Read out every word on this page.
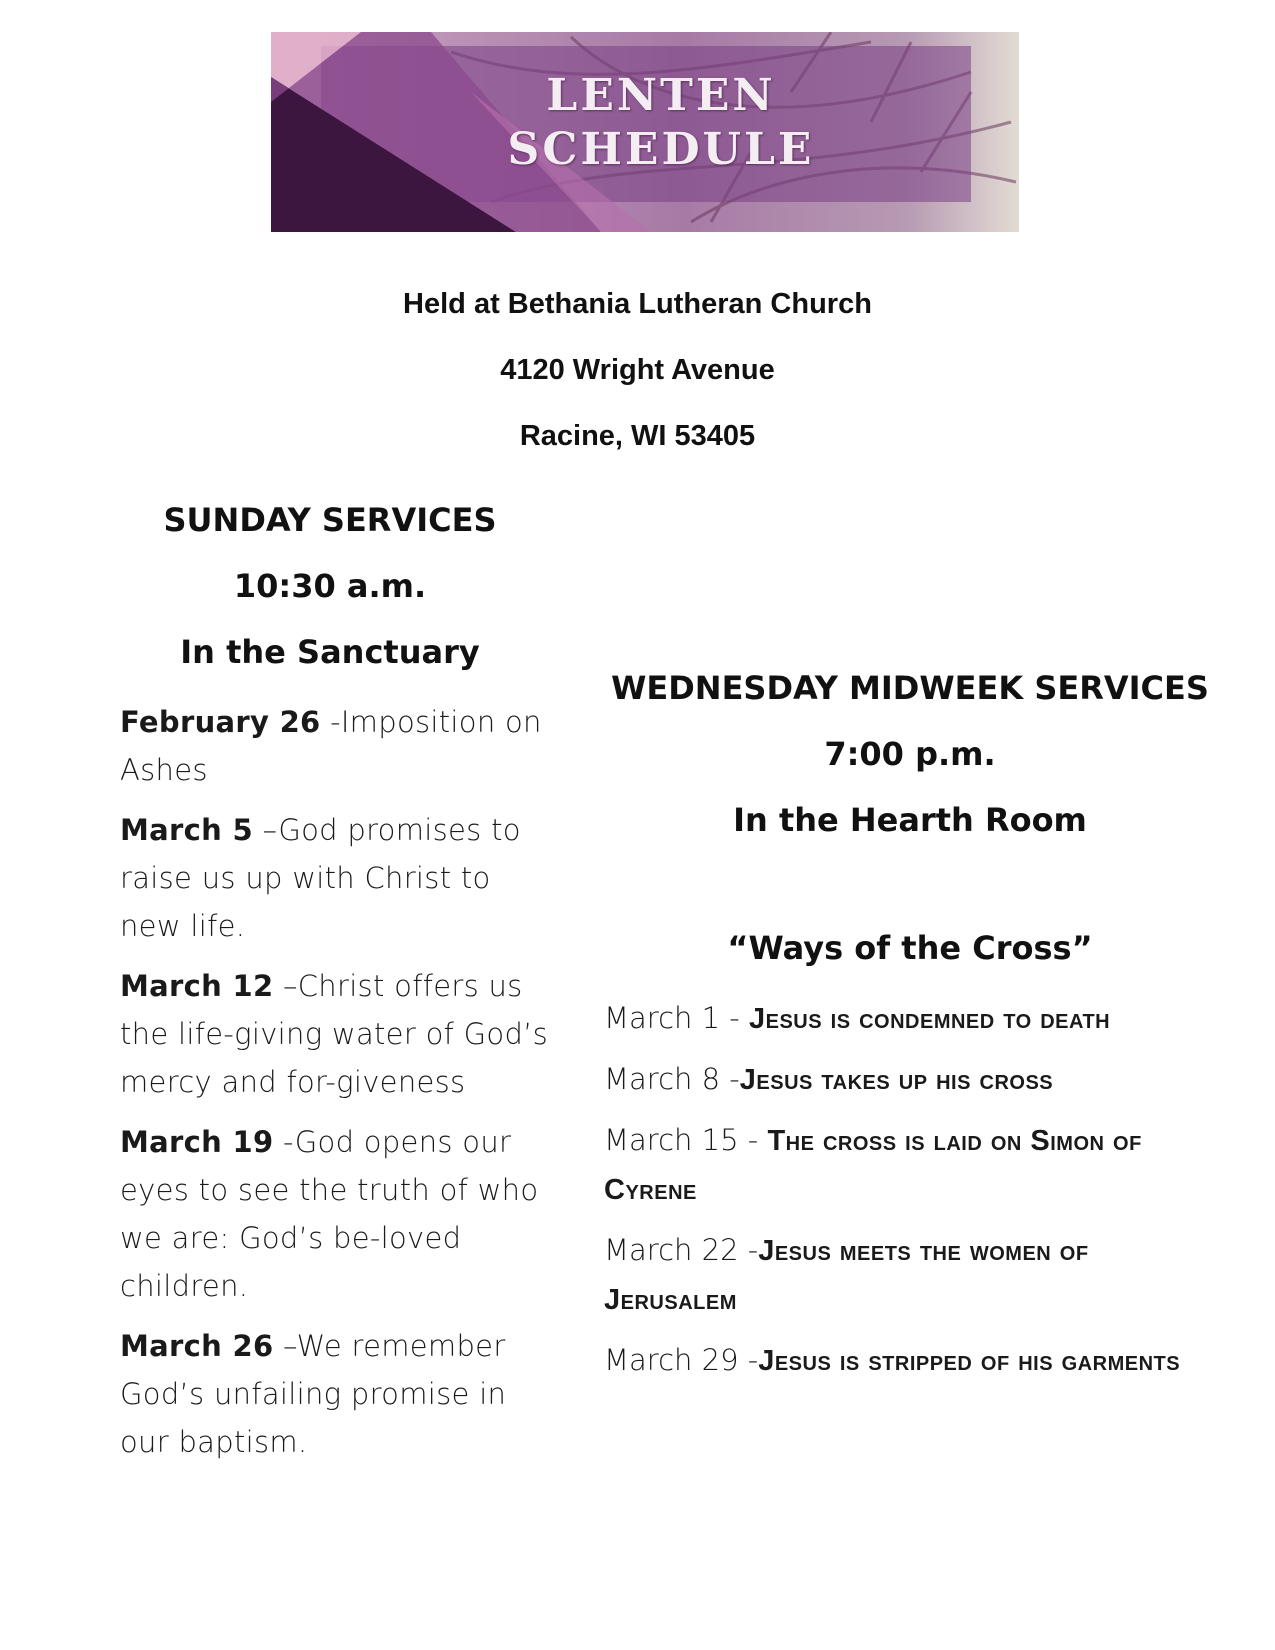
LENTEN

SCHEDULE

Held at Bethania Lutheran Church

4120 Wright Avenue

Racine, WI 53405

SUNDAY SERVICES

10:30 a.m.

In the Sanctuary

February 26 -Imposition on Ashes
March 5 –God promises to raise us up with Christ to new life.
March 12 –Christ offers us the life-giving water of God’s mercy and for-giveness
March 19 -God opens our eyes to see the truth of who we are: God’s be-loved children.
March 26 –We remember God’s unfailing promise in our baptism.

WEDNESDAY MIDWEEK SERVICES

7:00 p.m.

In the Hearth Room

“Ways of the Cross”

March 1 - Jesus is condemned to death
March 8 -Jesus takes up his cross
March 15 - The cross is laid on Simon of Cyrene
March 22 -Jesus meets the women of Jerusalem
March 29 -Jesus is stripped of his garments
